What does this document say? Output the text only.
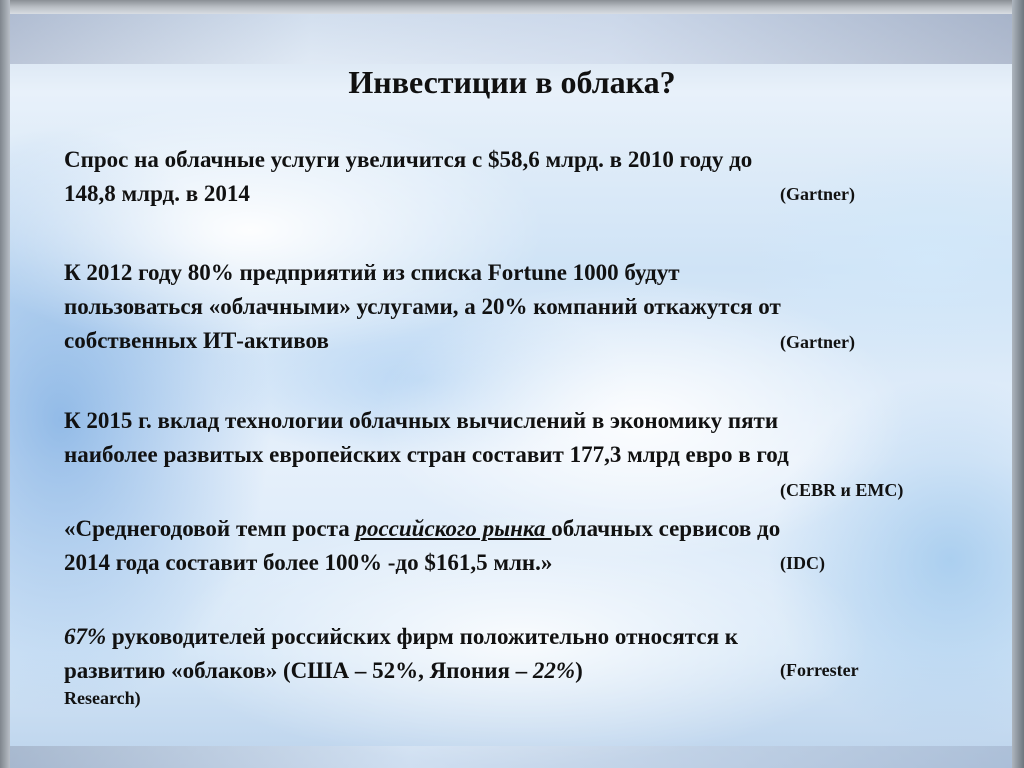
Инвестиции в облака?
Спрос на облачные услуги увеличится с $58,6 млрд. в 2010 году до
148,8 млрд. в 2014	(Gartner)
К 2012 году 80% предприятий из списка Fortune 1000 будут
пользоваться «облачными» услугами, а 20% компаний откажутся от
собственных ИТ-активов	(Gartner)
К 2015 г. вклад технологии облачных вычислений в экономику пяти
наиболее развитых европейских стран составит 177,3 млрд евро в год
(CEBR и EMC)
«Среднегодовой темп роста российского рынка облачных сервисов до
2014 года составит более 100% -до $161,5 млн.»	(IDC)
67% руководителей российских фирм положительно относятся к
развитию «облаков» (США – 52%, Япония – 22%)	(Forrester
Research)
